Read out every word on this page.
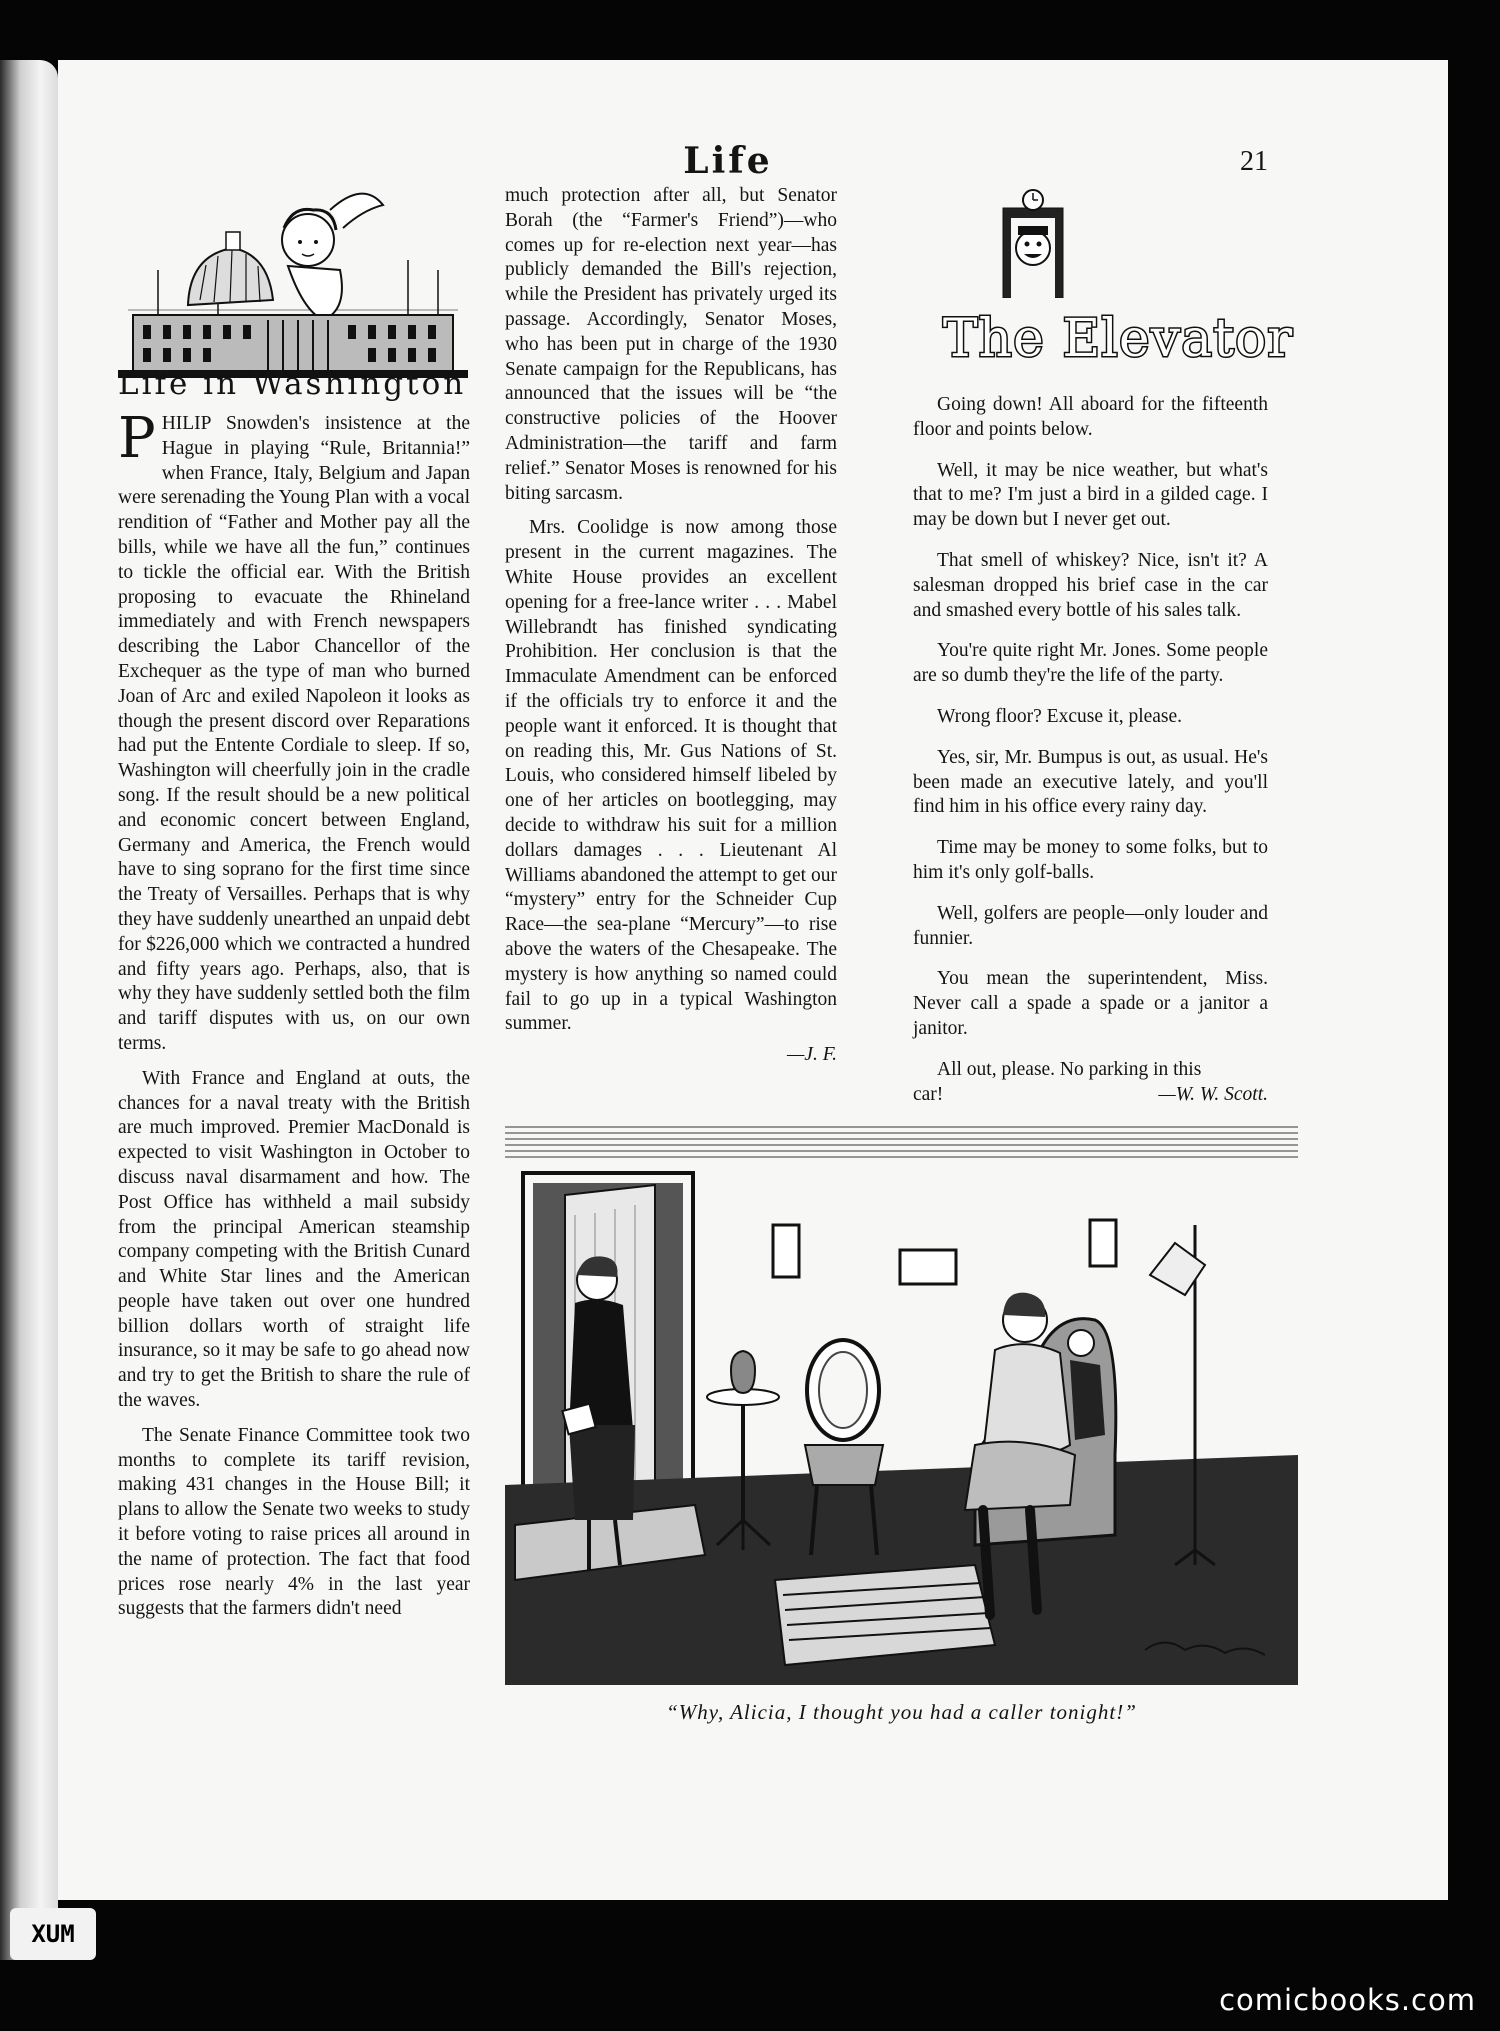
Life	21
Life in Washington

PHILIP Snowden's insistence at the Hague in playing “Rule, Britannia!” when France, Italy, Belgium and Japan were serenading the Young Plan with a vocal rendition of “Father and Mother pay all the bills, while we have all the fun,” continues to tickle the official ear. With the British proposing to evacuate the Rhineland immediately and with French newspapers describing the Labor Chancellor of the Exchequer as the type of man who burned Joan of Arc and exiled Napoleon it looks as though the present discord over Reparations had put the Entente Cordiale to sleep. If so, Washington will cheerfully join in the cradle song. If the result should be a new political and economic concert between England, Germany and America, the French would have to sing soprano for the first time since the Treaty of Versailles. Perhaps that is why they have suddenly unearthed an unpaid debt for $226,000 which we contracted a hundred and fifty years ago. Perhaps, also, that is why they have suddenly settled both the film and tariff disputes with us, on our own terms.

With France and England at outs, the chances for a naval treaty with the British are much improved. Premier MacDonald is expected to visit Washington in October to discuss naval disarmament and how. The Post Office has withheld a mail subsidy from the principal American steamship company competing with the British Cunard and White Star lines and the American people have taken out over one hundred billion dollars worth of straight life insurance, so it may be safe to go ahead now and try to get the British to share the rule of the waves.

The Senate Finance Committee took two months to complete its tariff revision, making 431 changes in the House Bill; it plans to allow the Senate two weeks to study it before voting to raise prices all around in the name of protection. The fact that food prices rose nearly 4% in the last year suggests that the farmers didn't need

much protection after all, but Senator Borah (the “Farmer's Friend”)—who comes up for re-election next year—has publicly demanded the Bill's rejection, while the President has privately urged its passage. Accordingly, Senator Moses, who has been put in charge of the 1930 Senate campaign for the Republicans, has announced that the issues will be “the constructive policies of the Hoover Administration—the tariff and farm relief.” Senator Moses is renowned for his biting sarcasm.

Mrs. Coolidge is now among those present in the current magazines. The White House provides an excellent opening for a free-lance writer . . . Mabel Willebrandt has finished syndicating Prohibition. Her conclusion is that the Immaculate Amendment can be enforced if the officials try to enforce it and the people want it enforced. It is thought that on reading this, Mr. Gus Nations of St. Louis, who considered himself libeled by one of her articles on bootlegging, may decide to withdraw his suit for a million dollars damages . . . Lieutenant Al Williams abandoned the attempt to get our “mystery” entry for the Schneider Cup Race—the sea-plane “Mercury”—to rise above the waters of the Chesapeake. The mystery is how anything so named could fail to go up in a typical Washington summer.

—J. F.
The Elevator

Going down! All aboard for the fifteenth floor and points below.

Well, it may be nice weather, but what's that to me? I'm just a bird in a gilded cage. I may be down but I never get out.

That smell of whiskey? Nice, isn't it? A salesman dropped his brief case in the car and smashed every bottle of his sales talk.

You're quite right Mr. Jones. Some people are so dumb they're the life of the party.

Wrong floor? Excuse it, please.

Yes, sir, Mr. Bumpus is out, as usual. He's been made an executive lately, and you'll find him in his office every rainy day.

Time may be money to some folks, but to him it's only golf-balls.

Well, golfers are people—only louder and funnier.

You mean the superintendent, Miss. Never call a spade a spade or a janitor a janitor.

All out, please. No parking in this

car!	—W. W. Scott.
“Why, Alicia, I thought you had a caller tonight!”
XUM
comicbooks.com
